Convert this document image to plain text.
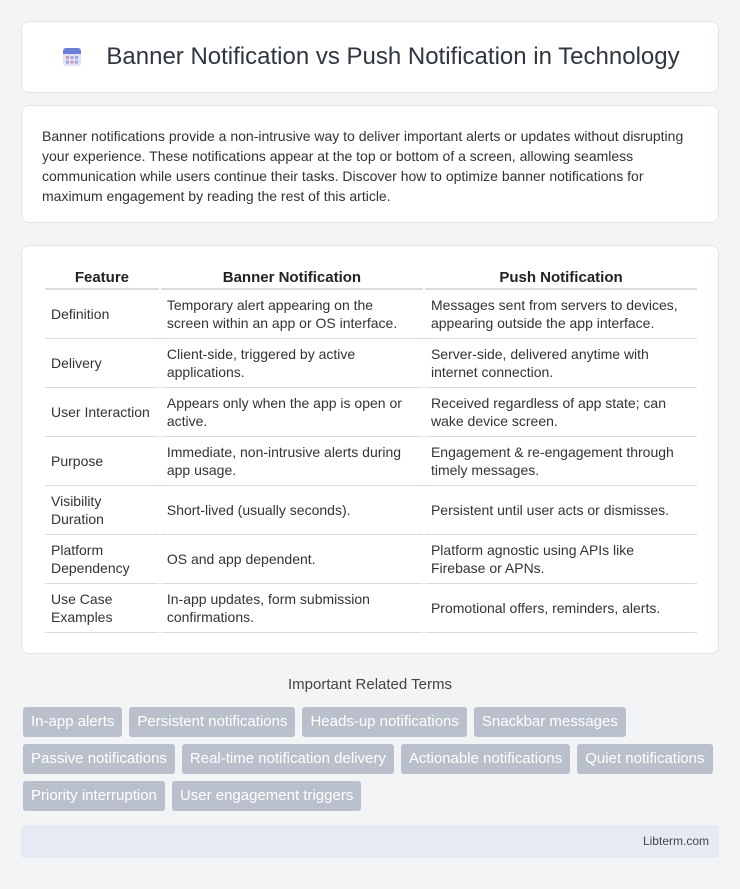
Banner Notification vs Push Notification in Technology

Banner notifications provide a non-intrusive way to deliver important alerts or updates without disrupting your experience. These notifications appear at the top or bottom of a screen, allowing seamless communication while users continue their tasks. Discover how to optimize banner notifications for maximum engagement by reading the rest of this article.

Feature	Banner Notification	Push Notification
Definition	Temporary alert appearing on the screen within an app or OS interface.	Messages sent from servers to devices, appearing outside the app interface.
Delivery	Client-side, triggered by active applications.	Server-side, delivered anytime with internet connection.
User Interaction	Appears only when the app is open or active.	Received regardless of app state; can wake device screen.
Purpose	Immediate, non-intrusive alerts during app usage.	Engagement & re-engagement through timely messages.
Visibility Duration	Short-lived (usually seconds).	Persistent until user acts or dismisses.
Platform Dependency	OS and app dependent.	Platform agnostic using APIs like Firebase or APNs.
Use Case Examples	In-app updates, form submission confirmations.	Promotional offers, reminders, alerts.
Important Related Terms
In-app alerts	Persistent notifications	Heads-up notifications	Snackbar messages
Passive notifications	Real-time notification delivery	Actionable notifications	Quiet notifications
Priority interruption	User engagement triggers
Libterm.com
